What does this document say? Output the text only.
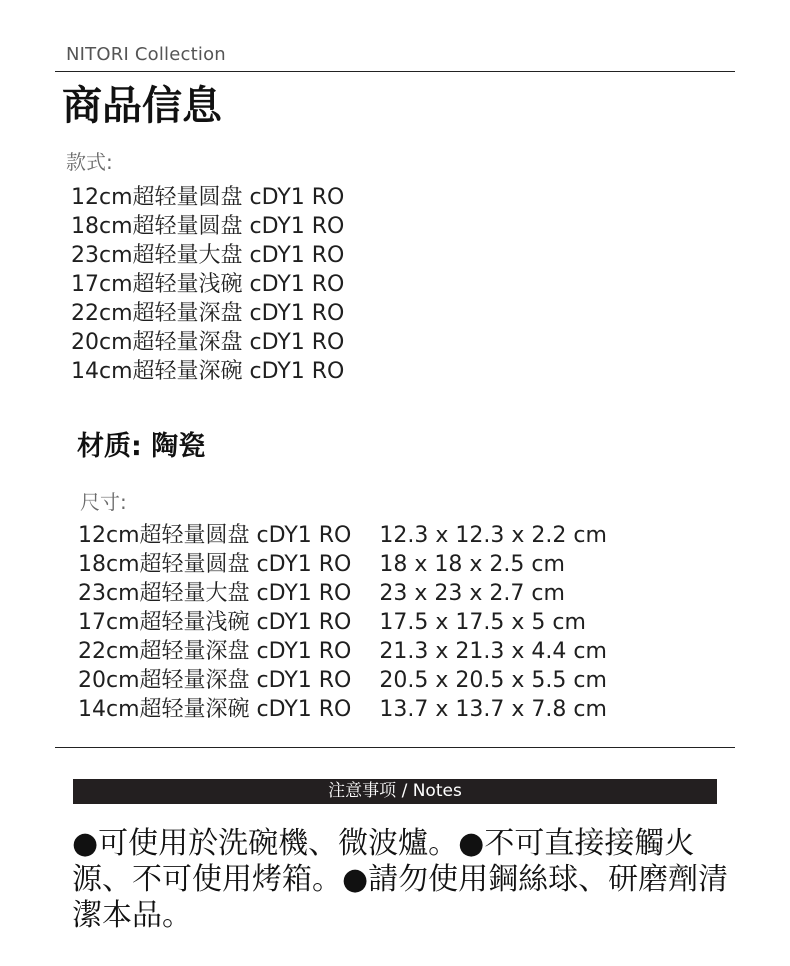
NITORI Collection
商品信息
款式:
12cm超轻量圆盘 cDY1 RO
18cm超轻量圆盘 cDY1 RO
23cm超轻量大盘 cDY1 RO
17cm超轻量浅碗 cDY1 RO
22cm超轻量深盘 cDY1 RO
20cm超轻量深盘 cDY1 RO
14cm超轻量深碗 cDY1 RO
材质: 陶瓷
尺寸:
12cm超轻量圆盘 cDY1 RO	12.3 x 12.3 x 2.2 cm
18cm超轻量圆盘 cDY1 RO	18 x 18 x 2.5 cm
23cm超轻量大盘 cDY1 RO	23 x 23 x 2.7 cm
17cm超轻量浅碗 cDY1 RO	17.5 x 17.5 x 5 cm
22cm超轻量深盘 cDY1 RO	21.3 x 21.3 x 4.4 cm
20cm超轻量深盘 cDY1 RO	20.5 x 20.5 x 5.5 cm
14cm超轻量深碗 cDY1 RO	13.7 x 13.7 x 7.8 cm
注意事项 / Notes

●可使用於洗碗機、微波爐。●不可直接接觸火源、不可使用烤箱。●請勿使用鋼絲球、研磨劑清潔本品。
